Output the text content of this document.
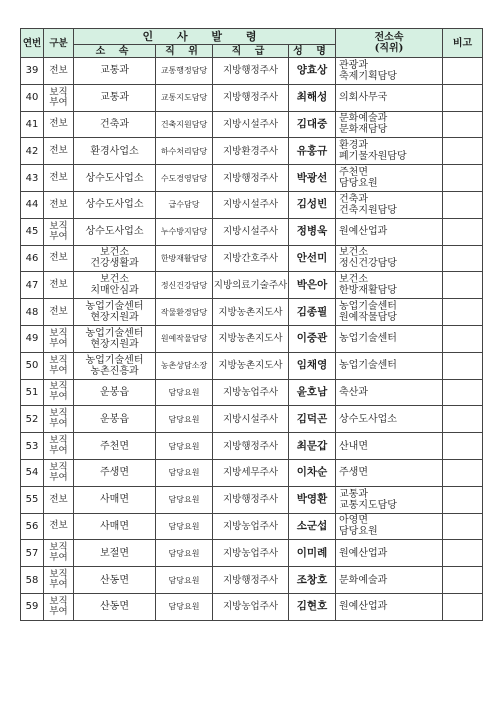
연번	구분	인 사 발 령				전소속
(직위)	비고
		소 속	직 위	직 급	성 명		
39	전보	교통과	교통행정담당	지방행정주사	양효상	관광과
축제기획담당	

40	보직
부여	교통과	교통지도담당	지방행정주사	최해성	의회사무국	

41	전보	건축과	건축지원담당	지방시설주사	김대중	문화예술과
문화재담당	

42	전보	환경사업소	하수처리담당	지방환경주사	유홍규	환경과
폐기물자원담당	

43	전보	상수도사업소	수도경영담당	지방행정주사	박광선	주천면
담당요원	

44	전보	상수도사업소	급수담당	지방시설주사	김성빈	건축과
건축지원담당	

45	보직
부여	상수도사업소	누수방지담당	지방시설주사	정병욱	원예산업과	

46	전보	보건소
건강생활과	한방재활담당	지방간호주사	안선미	보건소
정신건강담당	

47	전보	보건소
치매안심과	정신건강담당	지방의료기술주사	박은아	보건소
한방재활담당	

48	전보	농업기술센터
현장지원과	작물환경담당	지방농촌지도사	김종필	농업기술센터
원예작물담당	

49	보직
부여	농업기술센터
현장지원과	원예작물담당	지방농촌지도사	이중관	농업기술센터	

50	보직
부여	농업기술센터
농촌진흥과	농촌상담소장	지방농촌지도사	임채영	농업기술센터	

51	보직
부여	운봉읍	담당요원	지방농업주사	윤호남	축산과	

52	보직
부여	운봉읍	담당요원	지방시설주사	김덕곤	상수도사업소	

53	보직
부여	주천면	담당요원	지방행정주사	최문갑	산내면	

54	보직
부여	주생면	담당요원	지방세무주사	이차순	주생면	

55	전보	사매면	담당요원	지방행정주사	박영환	교통과
교통지도담당	

56	전보	사매면	담당요원	지방농업주사	소군섭	아영면
담당요원	

57	보직
부여	보절면	담당요원	지방농업주사	이미례	원예산업과	

58	보직
부여	산동면	담당요원	지방행정주사	조창호	문화예술과	

59	보직
부여	산동면	담당요원	지방농업주사	김현호	원예산업과	
